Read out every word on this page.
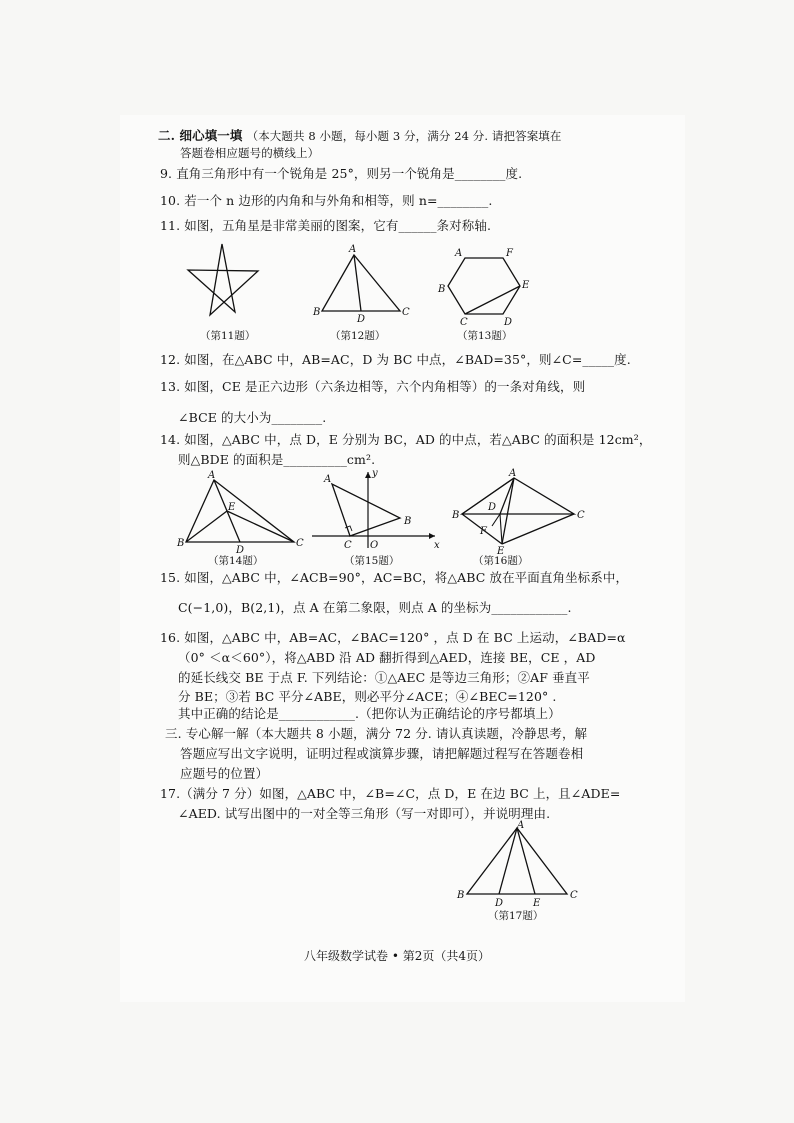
二. 细心填一填 （本大题共 8 小题，每小题 3 分，满分 24 分. 请把答案填在
答题卷相应题号的横线上）
9. 直角三角形中有一个锐角是 25°，则另一个锐角是________度.
10. 若一个 n 边形的内角和与外角和相等，则 n=________.
11. 如图，五角星是非常美丽的图案，它有______条对称轴.
（第11题）
A
B
D
C
（第12题）
A	F
B	E
C	D
（第13题）
12. 如图，在△ABC 中，AB=AC，D 为 BC 中点，∠BAD=35°，则∠C=_____度.
13. 如图，CE 是正六边形（六条边相等，六个内角相等）的一条对角线，则
∠BCE 的大小为________.
14. 如图，△ABC 中，点 D，E 分别为 BC，AD 的中点，若△ABC 的面积是 12cm²，
则△BDE 的面积是__________cm².
A
E
B
D
C
（第14题）
y
A
B
C O	x
（第15题）
A
B
D
C
F
E
（第16题）
15. 如图，△ABC 中，∠ACB=90°，AC=BC，将△ABC 放在平面直角坐标系中，
C(−1,0)，B(2,1)，点 A 在第二象限，则点 A 的坐标为____________.
16. 如图，△ABC 中，AB=AC，∠BAC=120° ，点 D 在 BC 上运动，∠BAD=α
（0° ＜α＜60°），将△ABD 沿 AD 翻折得到△AED，连接 BE，CE ，AD
的延长线交 BE 于点 F. 下列结论：①△AEC 是等边三角形；②AF 垂直平
分 BE；③若 BC 平分∠ABE，则必平分∠ACE；④∠BEC=120° .
其中正确的结论是____________.（把你认为正确结论的序号都填上）
三. 专心解一解（本大题共 8 小题，满分 72 分. 请认真读题，冷静思考，解
答题应写出文字说明，证明过程或演算步骤，请把解题过程写在答题卷相
应题号的位置）
17.（满分 7 分）如图，△ABC 中，∠B=∠C，点 D，E 在边 BC 上，且∠ADE=
∠AED. 试写出图中的一对全等三角形（写一对即可），并说明理由.
A
B
D	E
C
（第17题）
八年级数学试卷 • 第2页（共4页）
